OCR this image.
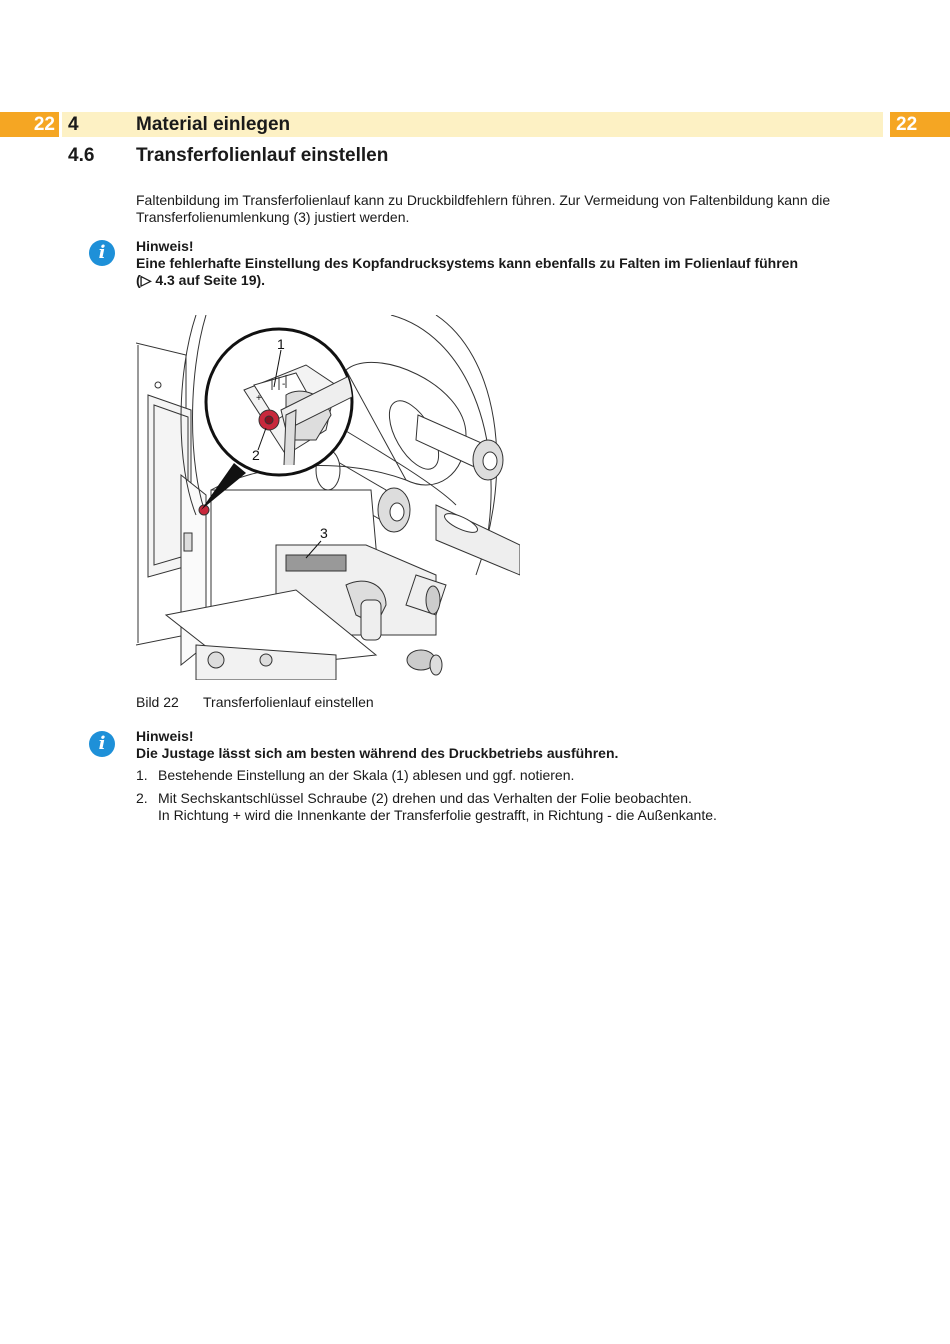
22 4	Material einlegen	22
4.6 Transferfolienlauf einstellen
Faltenbildung im Transferfolienlauf kann zu Druckbildfehlern führen. Zur Vermeidung von Faltenbildung kann die
Transferfolienumlenkung (3) justiert werden.
i	Hinweis!
Eine fehlerhafte Einstellung des Kopfandrucksystems kann ebenfalls zu Falten im Folienlauf führen
(▷ 4.3 auf Seite 19).
+
-
1
2
3
Bild 22 Transferfolienlauf einstellen
i	Hinweis!
Die Justage lässt sich am besten während des Druckbetriebs ausführen.
1. Bestehende Einstellung an der Skala (1) ablesen und ggf. notieren.
2. Mit Sechskantschlüssel Schraube (2) drehen und das Verhalten der Folie beobachten.
In Richtung + wird die Innenkante der Transferfolie gestrafft, in Richtung - die Außenkante.
